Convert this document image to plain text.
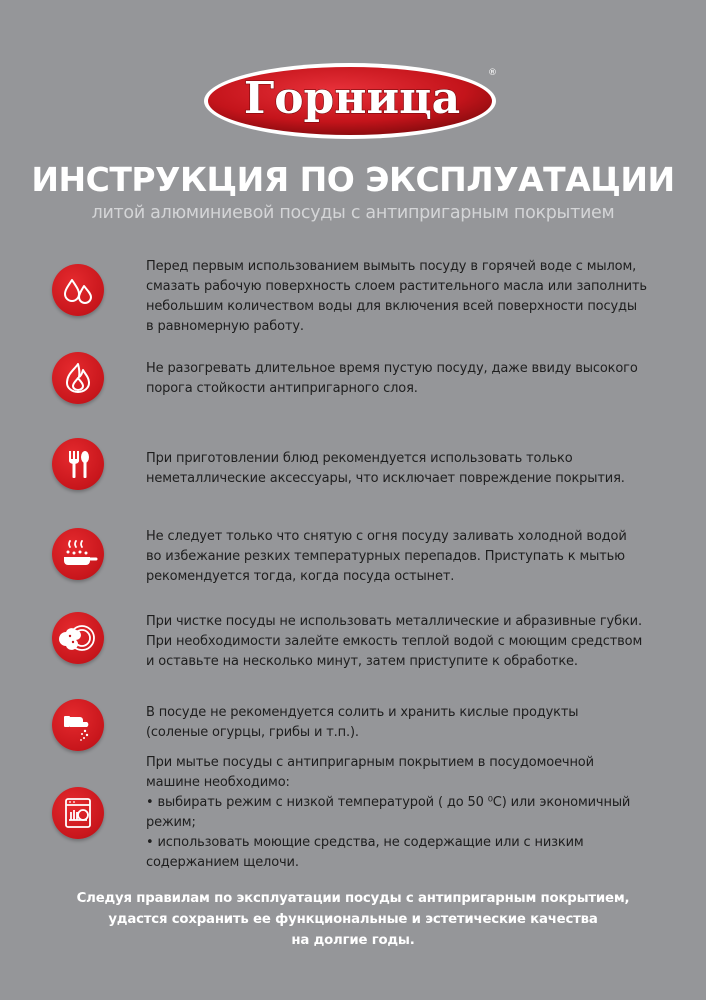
Горница	®
ИНСТРУКЦИЯ ПО ЭКСПЛУАТАЦИИ
литой алюминиевой посуды с антипригарным покрытием
Перед первым использованием вымыть посуду в горячей воде с мылом,
смазать рабочую поверхность слоем растительного масла или заполнить
небольшим количеством воды для включения всей поверхности посуды
в равномерную работу.
Не разогревать длительное время пустую посуду, даже ввиду высокого
порога стойкости антипригарного слоя.
При приготовлении блюд рекомендуется использовать только
неметаллические аксессуары, что исключает повреждение покрытия.
Не следует только что снятую с огня посуду заливать холодной водой
во избежание резких температурных перепадов. Приступать к мытью
рекомендуется тогда, когда посуда остынет.
При чистке посуды не использовать металлические и абразивные губки.
При необходимости залейте емкость теплой водой с моющим средством
и оставьте на несколько минут, затем приступите к обработке.
В посуде не рекомендуется солить и хранить кислые продукты
(соленые огурцы, грибы и т.п.).
При мытье посуды с антипригарным покрытием в посудомоечной
машине необходимо:
• выбирать режим с низкой температурой ( до 50 ⁰С) или экономичный
режим;
• использовать моющие средства, не содержащие или с низким
содержанием щелочи.
Следуя правилам по эксплуатации посуды с антипригарным покрытием,
удастся сохранить ее функциональные и эстетические качества
на долгие годы.
